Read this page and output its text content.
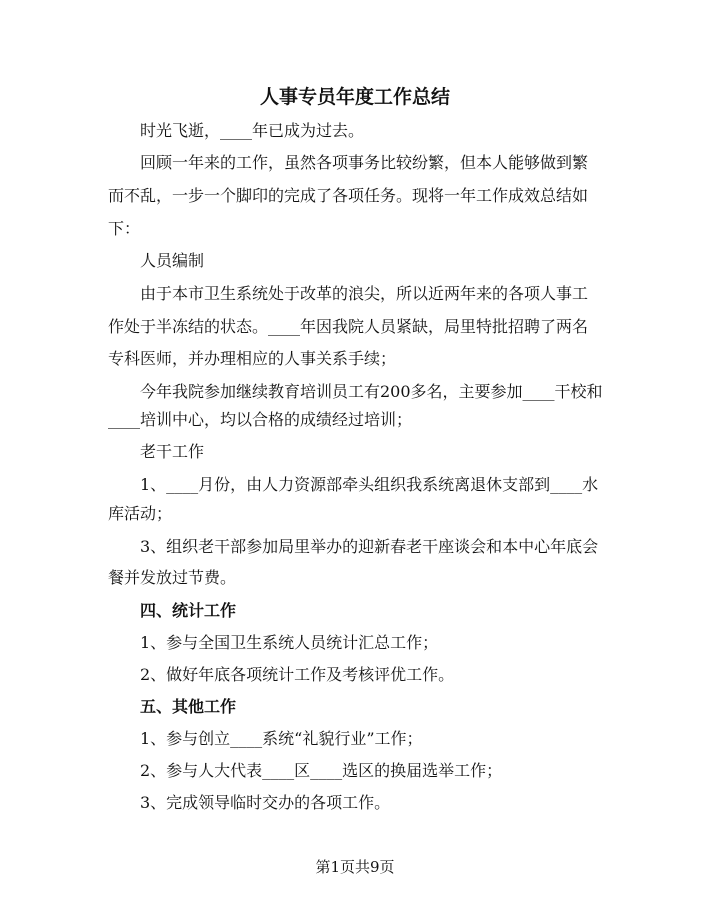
人事专员年度工作总结
时光飞逝，____年已成为过去。
回顾一年来的工作，虽然各项事务比较纷繁，但本人能够做到繁
而不乱，一步一个脚印的完成了各项任务。现将一年工作成效总结如
下：
人员编制
由于本市卫生系统处于改革的浪尖，所以近两年来的各项人事工
作处于半冻结的状态。____年因我院人员紧缺，局里特批招聘了两名
专科医师，并办理相应的人事关系手续；
今年我院参加继续教育培训员工有200多名，主要参加____干校和
____培训中心，均以合格的成绩经过培训；
老干工作
1、____月份，由人力资源部牵头组织我系统离退休支部到____水
库活动；
3、组织老干部参加局里举办的迎新春老干座谈会和本中心年底会
餐并发放过节费。
四、统计工作
1、参与全国卫生系统人员统计汇总工作；
2、做好年底各项统计工作及考核评优工作。
五、其他工作
1、参与创立____系统“礼貌行业”工作；
2、参与人大代表____区____选区的换届选举工作；
3、完成领导临时交办的各项工作。
第1页共9页
